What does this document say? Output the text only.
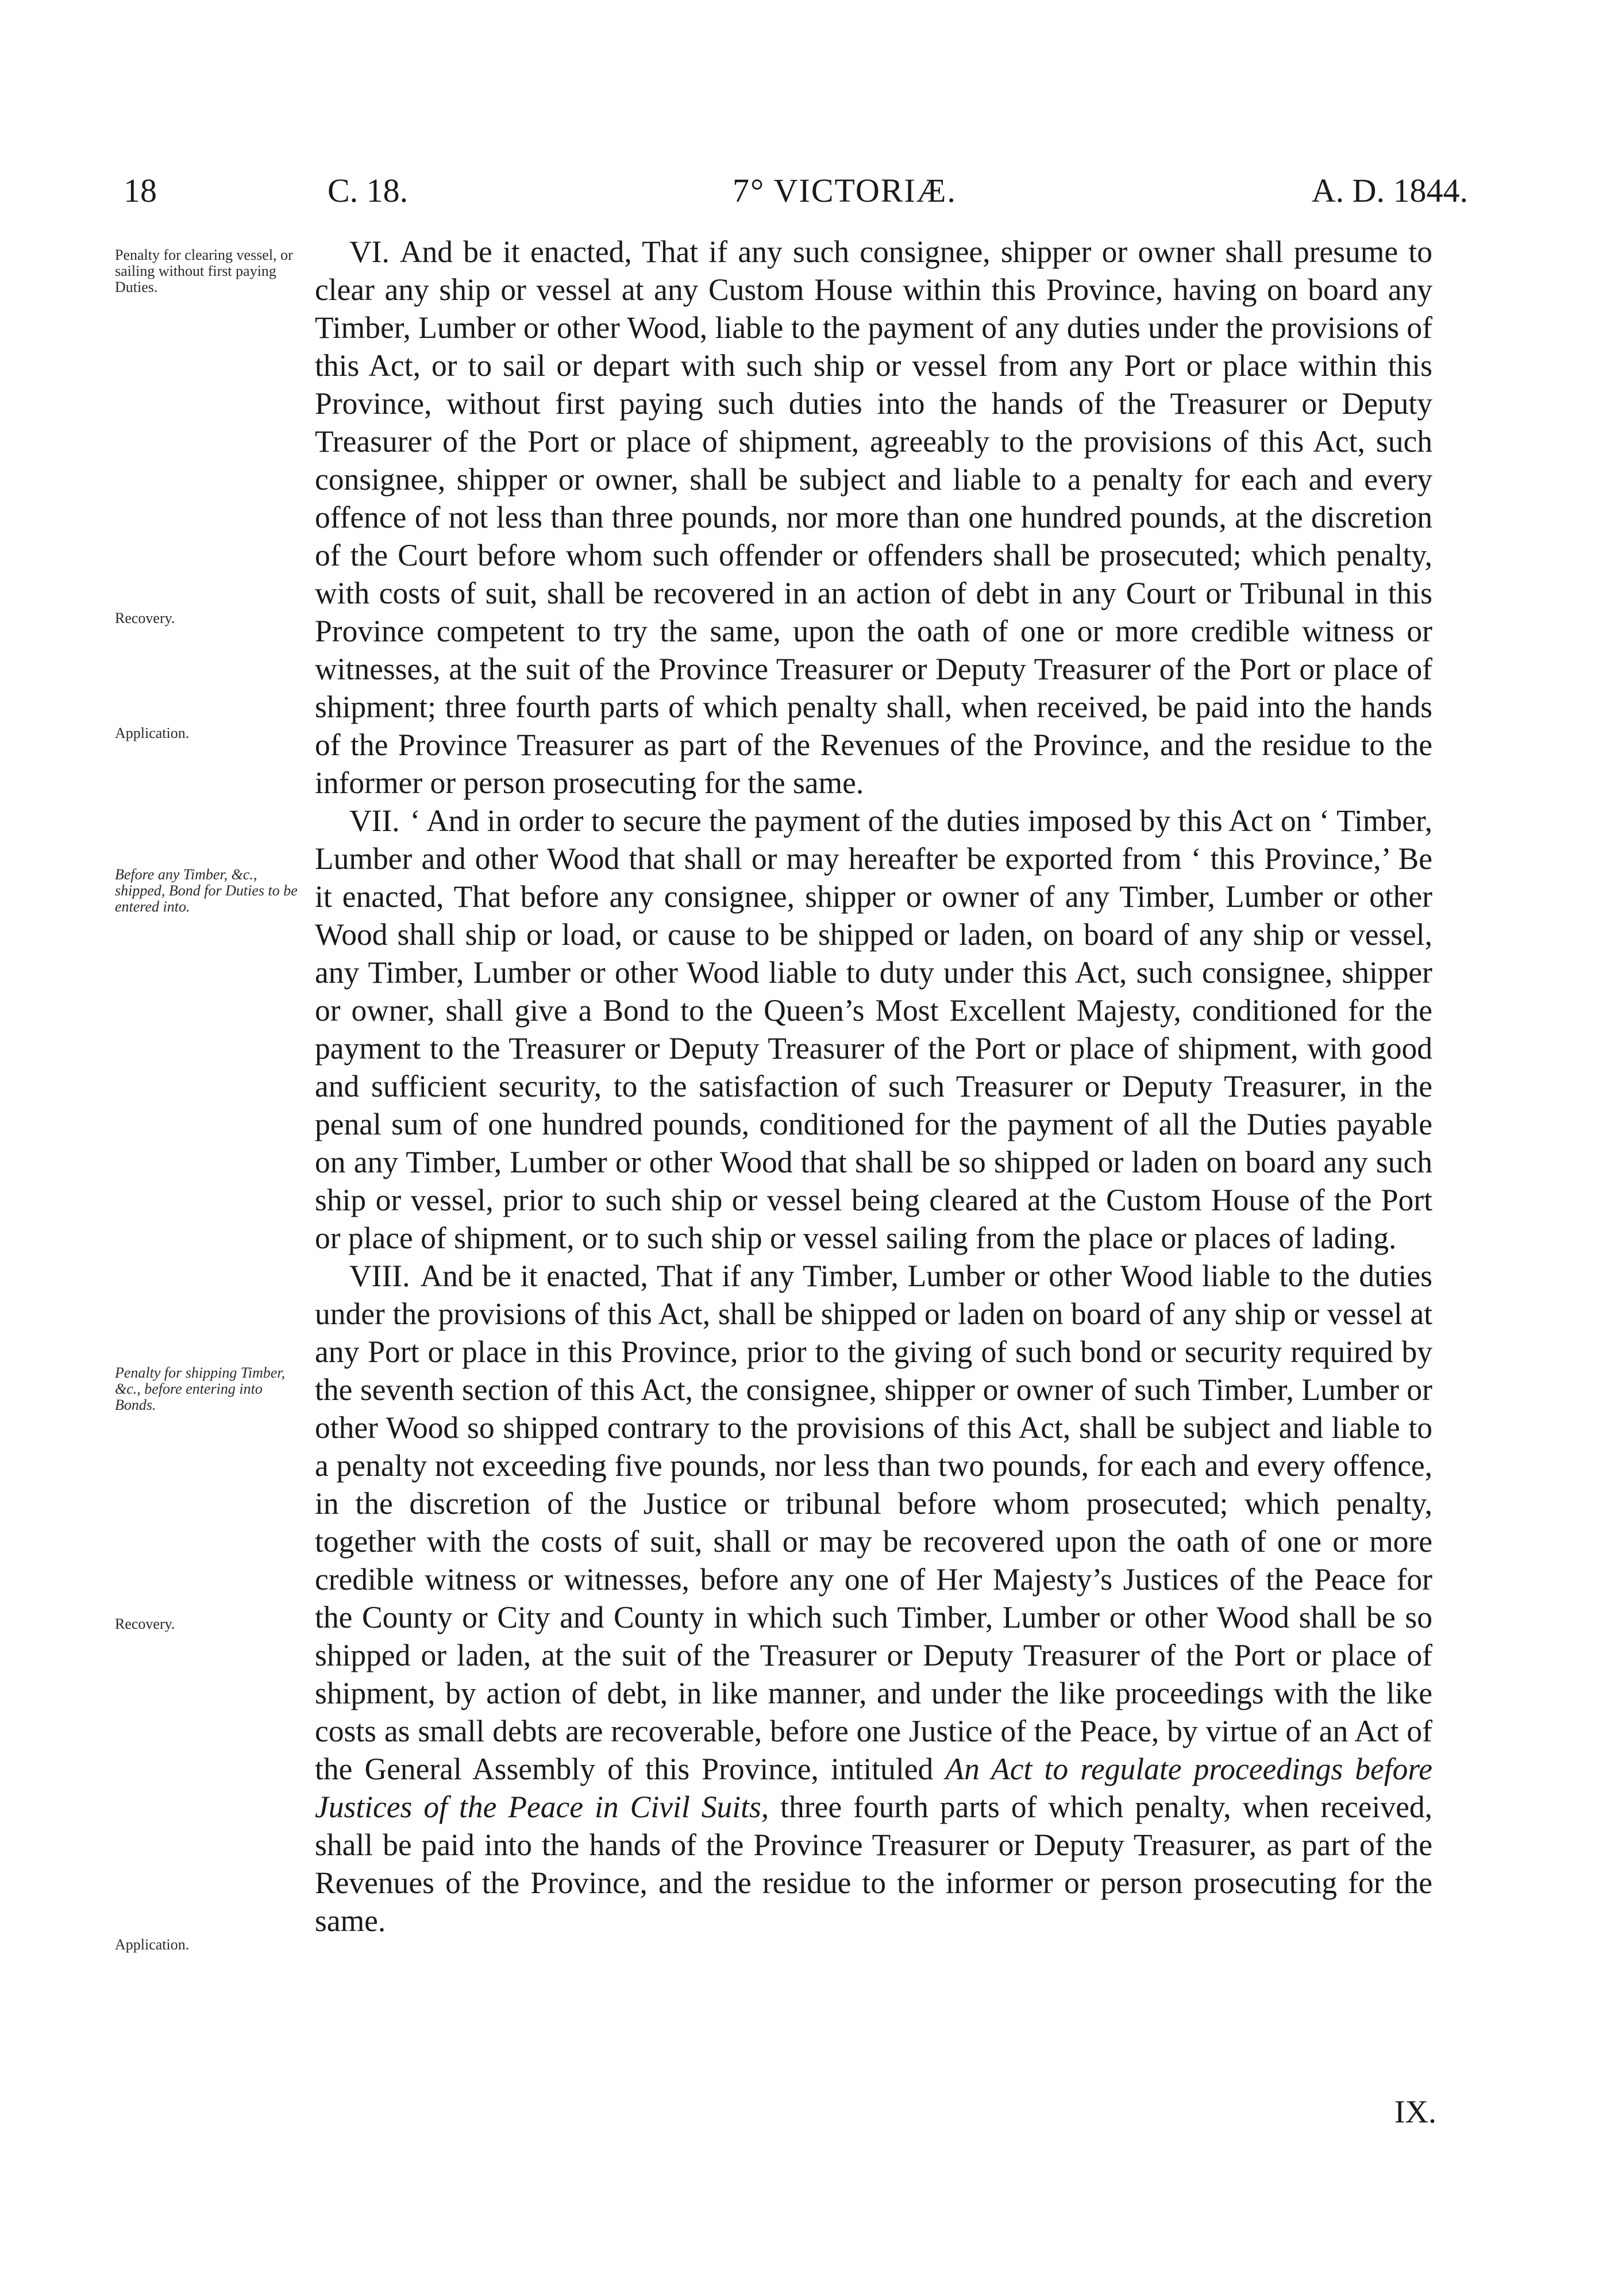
18	C. 18.	7° VICTORIÆ.	A. D. 1844.
Penalty for clearing vessel, or sailing without first paying Duties.
Recovery.
Application.
Before any Timber, &c., shipped, Bond for Duties to be entered into.
Penalty for shipping Timber, &c., before entering into Bonds.
Recovery.
Application.

VI. And be it enacted, That if any such consignee, shipper or owner shall presume to clear any ship or vessel at any Custom House within this Province, having on board any Timber, Lumber or other Wood, liable to the payment of any duties under the provisions of this Act, or to sail or depart with such ship or vessel from any Port or place within this Province, without first paying such duties into the hands of the Treasurer or Deputy Treasurer of the Port or place of shipment, agreeably to the provisions of this Act, such consignee, shipper or owner, shall be subject and liable to a penalty for each and every offence of not less than three pounds, nor more than one hundred pounds, at the discretion of the Court before whom such offender or offenders shall be prosecuted; which penalty, with costs of suit, shall be recovered in an action of debt in any Court or Tribunal in this Province competent to try the same, upon the oath of one or more credible witness or witnesses, at the suit of the Province Treasurer or Deputy Treasurer of the Port or place of shipment; three fourth parts of which penalty shall, when received, be paid into the hands of the Province Treasurer as part of the Revenues of the Province, and the residue to the informer or person prosecuting for the same.

VII. ‘ And in order to secure the payment of the duties imposed by this Act on ‘ Timber, Lumber and other Wood that shall or may hereafter be exported from ‘ this Province,’ Be it enacted, That before any consignee, shipper or owner of any Timber, Lumber or other Wood shall ship or load, or cause to be shipped or laden, on board of any ship or vessel, any Timber, Lumber or other Wood liable to duty under this Act, such consignee, shipper or owner, shall give a Bond to the Queen’s Most Excellent Majesty, conditioned for the payment to the Treasurer or Deputy Treasurer of the Port or place of shipment, with good and sufficient security, to the satisfaction of such Treasurer or Deputy Treasurer, in the penal sum of one hundred pounds, conditioned for the payment of all the Duties payable on any Timber, Lumber or other Wood that shall be so shipped or laden on board any such ship or vessel, prior to such ship or vessel being cleared at the Custom House of the Port or place of shipment, or to such ship or vessel sailing from the place or places of lading.

VIII. And be it enacted, That if any Timber, Lumber or other Wood liable to the duties under the provisions of this Act, shall be shipped or laden on board of any ship or vessel at any Port or place in this Province, prior to the giving of such bond or security required by the seventh section of this Act, the consignee, shipper or owner of such Timber, Lumber or other Wood so shipped contrary to the provisions of this Act, shall be subject and liable to a penalty not exceeding five pounds, nor less than two pounds, for each and every offence, in the discretion of the Justice or tribunal before whom prosecuted; which penalty, together with the costs of suit, shall or may be recovered upon the oath of one or more credible witness or witnesses, before any one of Her Majesty’s Justices of the Peace for the County or City and County in which such Timber, Lumber or other Wood shall be so shipped or laden, at the suit of the Treasurer or Deputy Treasurer of the Port or place of shipment, by action of debt, in like manner, and under the like proceedings with the like costs as small debts are recoverable, before one Justice of the Peace, by virtue of an Act of the General Assembly of this Province, intituled An Act to regulate proceedings before Justices of the Peace in Civil Suits, three fourth parts of which penalty, when received, shall be paid into the hands of the Province Treasurer or Deputy Treasurer, as part of the Revenues of the Province, and the residue to the informer or person prosecuting for the same.

IX.
